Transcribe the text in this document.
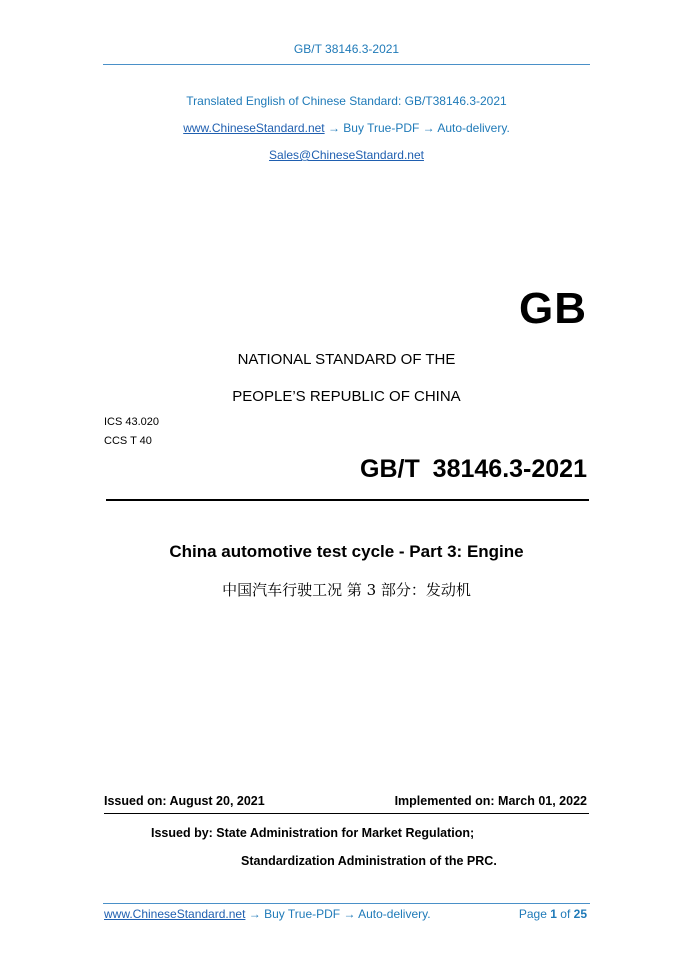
GB/T 38146.3-2021
Translated English of Chinese Standard: GB/T38146.3-2021
www.ChineseStandard.net → Buy True-PDF → Auto-delivery.
Sales@ChineseStandard.net
GB
NATIONAL STANDARD OF THE
PEOPLE’S REPUBLIC OF CHINA
ICS 43.020
CCS T 40
GB/T 38146.3-2021
China automotive test cycle - Part 3: Engine
中国汽车行驶工况 第 3 部分：发动机
Issued on: August 20, 2021	Implemented on: March 01, 2022
Issued by: State Administration for Market Regulation;
Standardization Administration of the PRC.
www.ChineseStandard.net → Buy True-PDF → Auto-delivery.	Page 1 of 25
